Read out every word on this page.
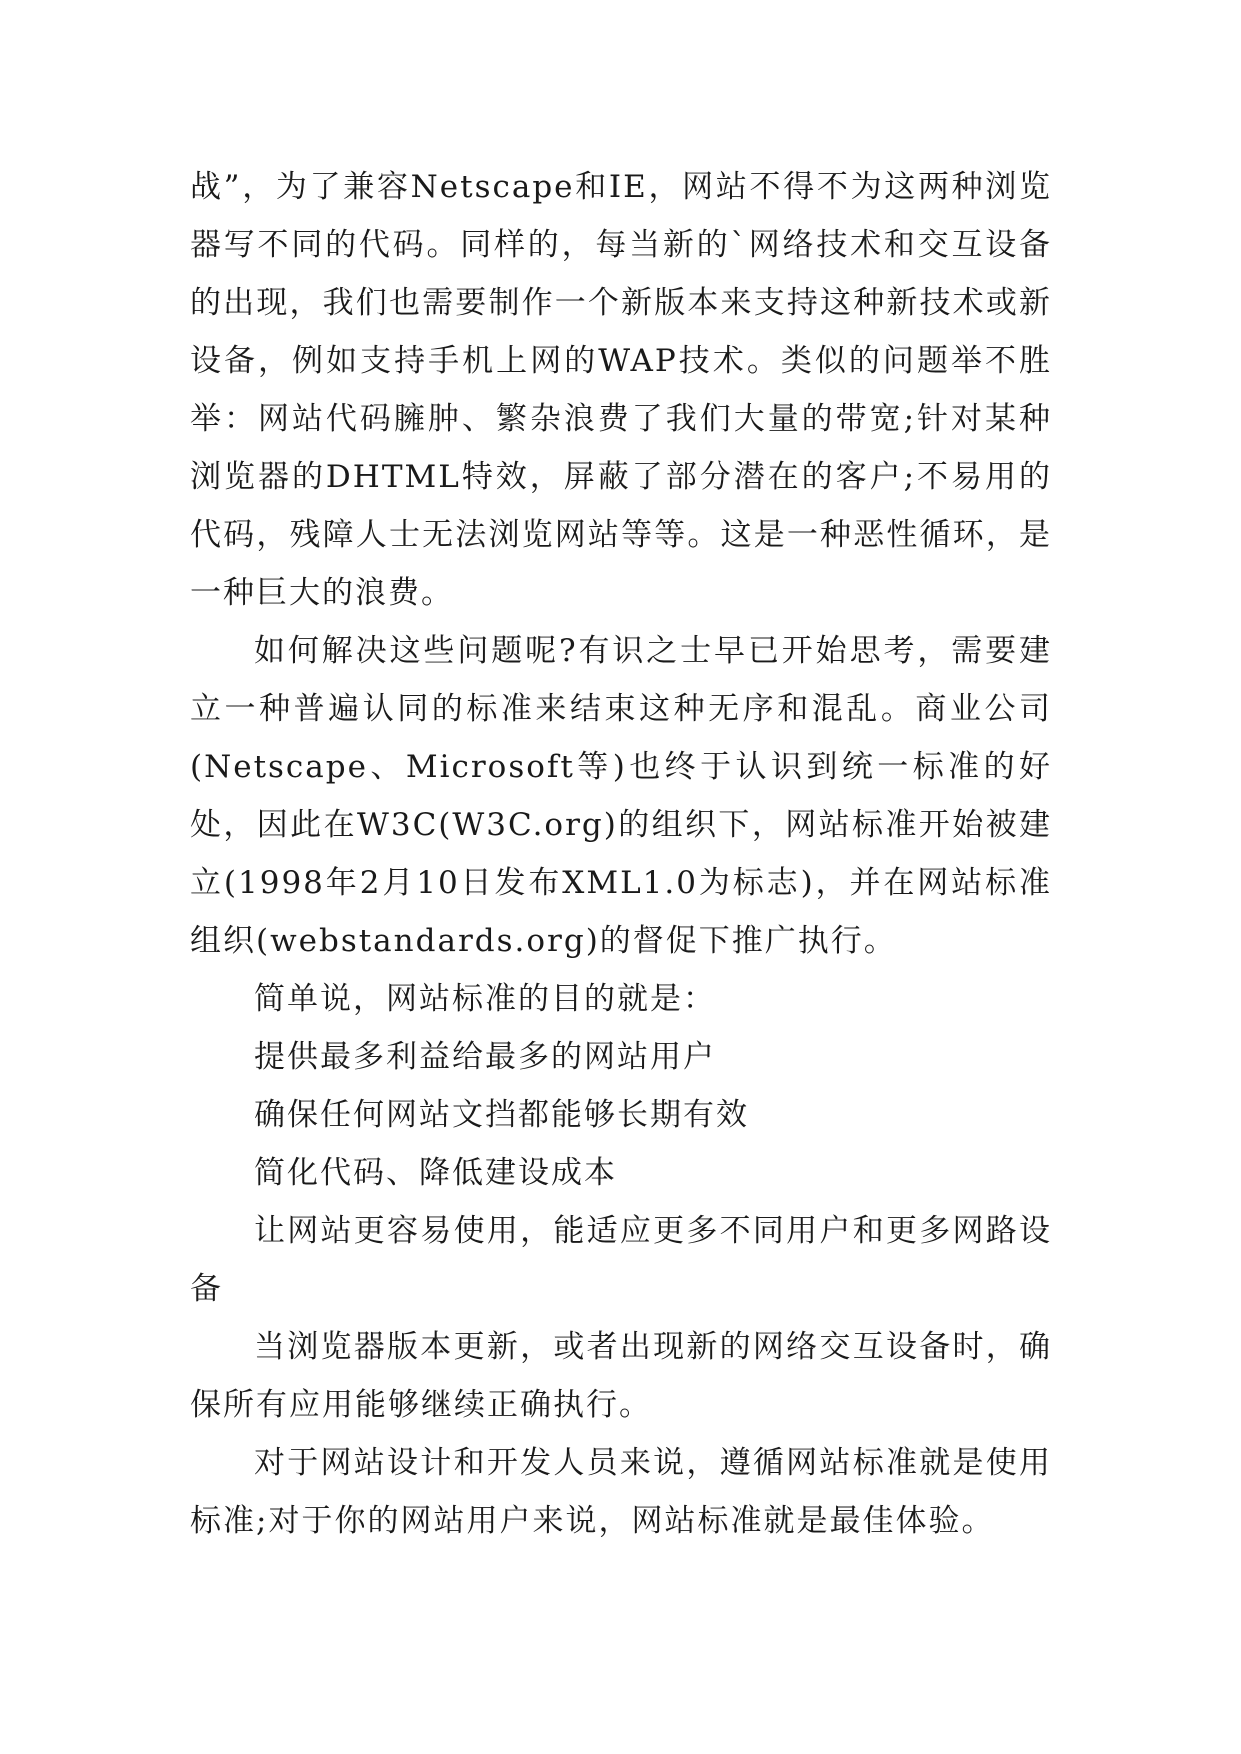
战”，为了兼容Netscape和IE，网站不得不为这两种浏览器写不同的代码。同样的，每当新的`网络技术和交互设备的出现，我们也需要制作一个新版本来支持这种新技术或新设备，例如支持手机上网的WAP技术。类似的问题举不胜举：网站代码臃肿、繁杂浪费了我们大量的带宽;针对某种浏览器的DHTML特效，屏蔽了部分潜在的客户;不易用的代码，残障人士无法浏览网站等等。这是一种恶性循环，是一种巨大的浪费。

如何解决这些问题呢?有识之士早已开始思考，需要建立一种普遍认同的标准来结束这种无序和混乱。商业公司(Netscape、Microsoft等)也终于认识到统一标准的好处，因此在W3C(W3C.org)的组织下，网站标准开始被建立(1998年2月10日发布XML1.0为标志)，并在网站标准组织(webstandards.org)的督促下推广执行。

简单说，网站标准的目的就是：

提供最多利益给最多的网站用户

确保任何网站文挡都能够长期有效

简化代码、降低建设成本

让网站更容易使用，能适应更多不同用户和更多网路设备

当浏览器版本更新，或者出现新的网络交互设备时，确保所有应用能够继续正确执行。

对于网站设计和开发人员来说，遵循网站标准就是使用标准;对于你的网站用户来说，网站标准就是最佳体验。
